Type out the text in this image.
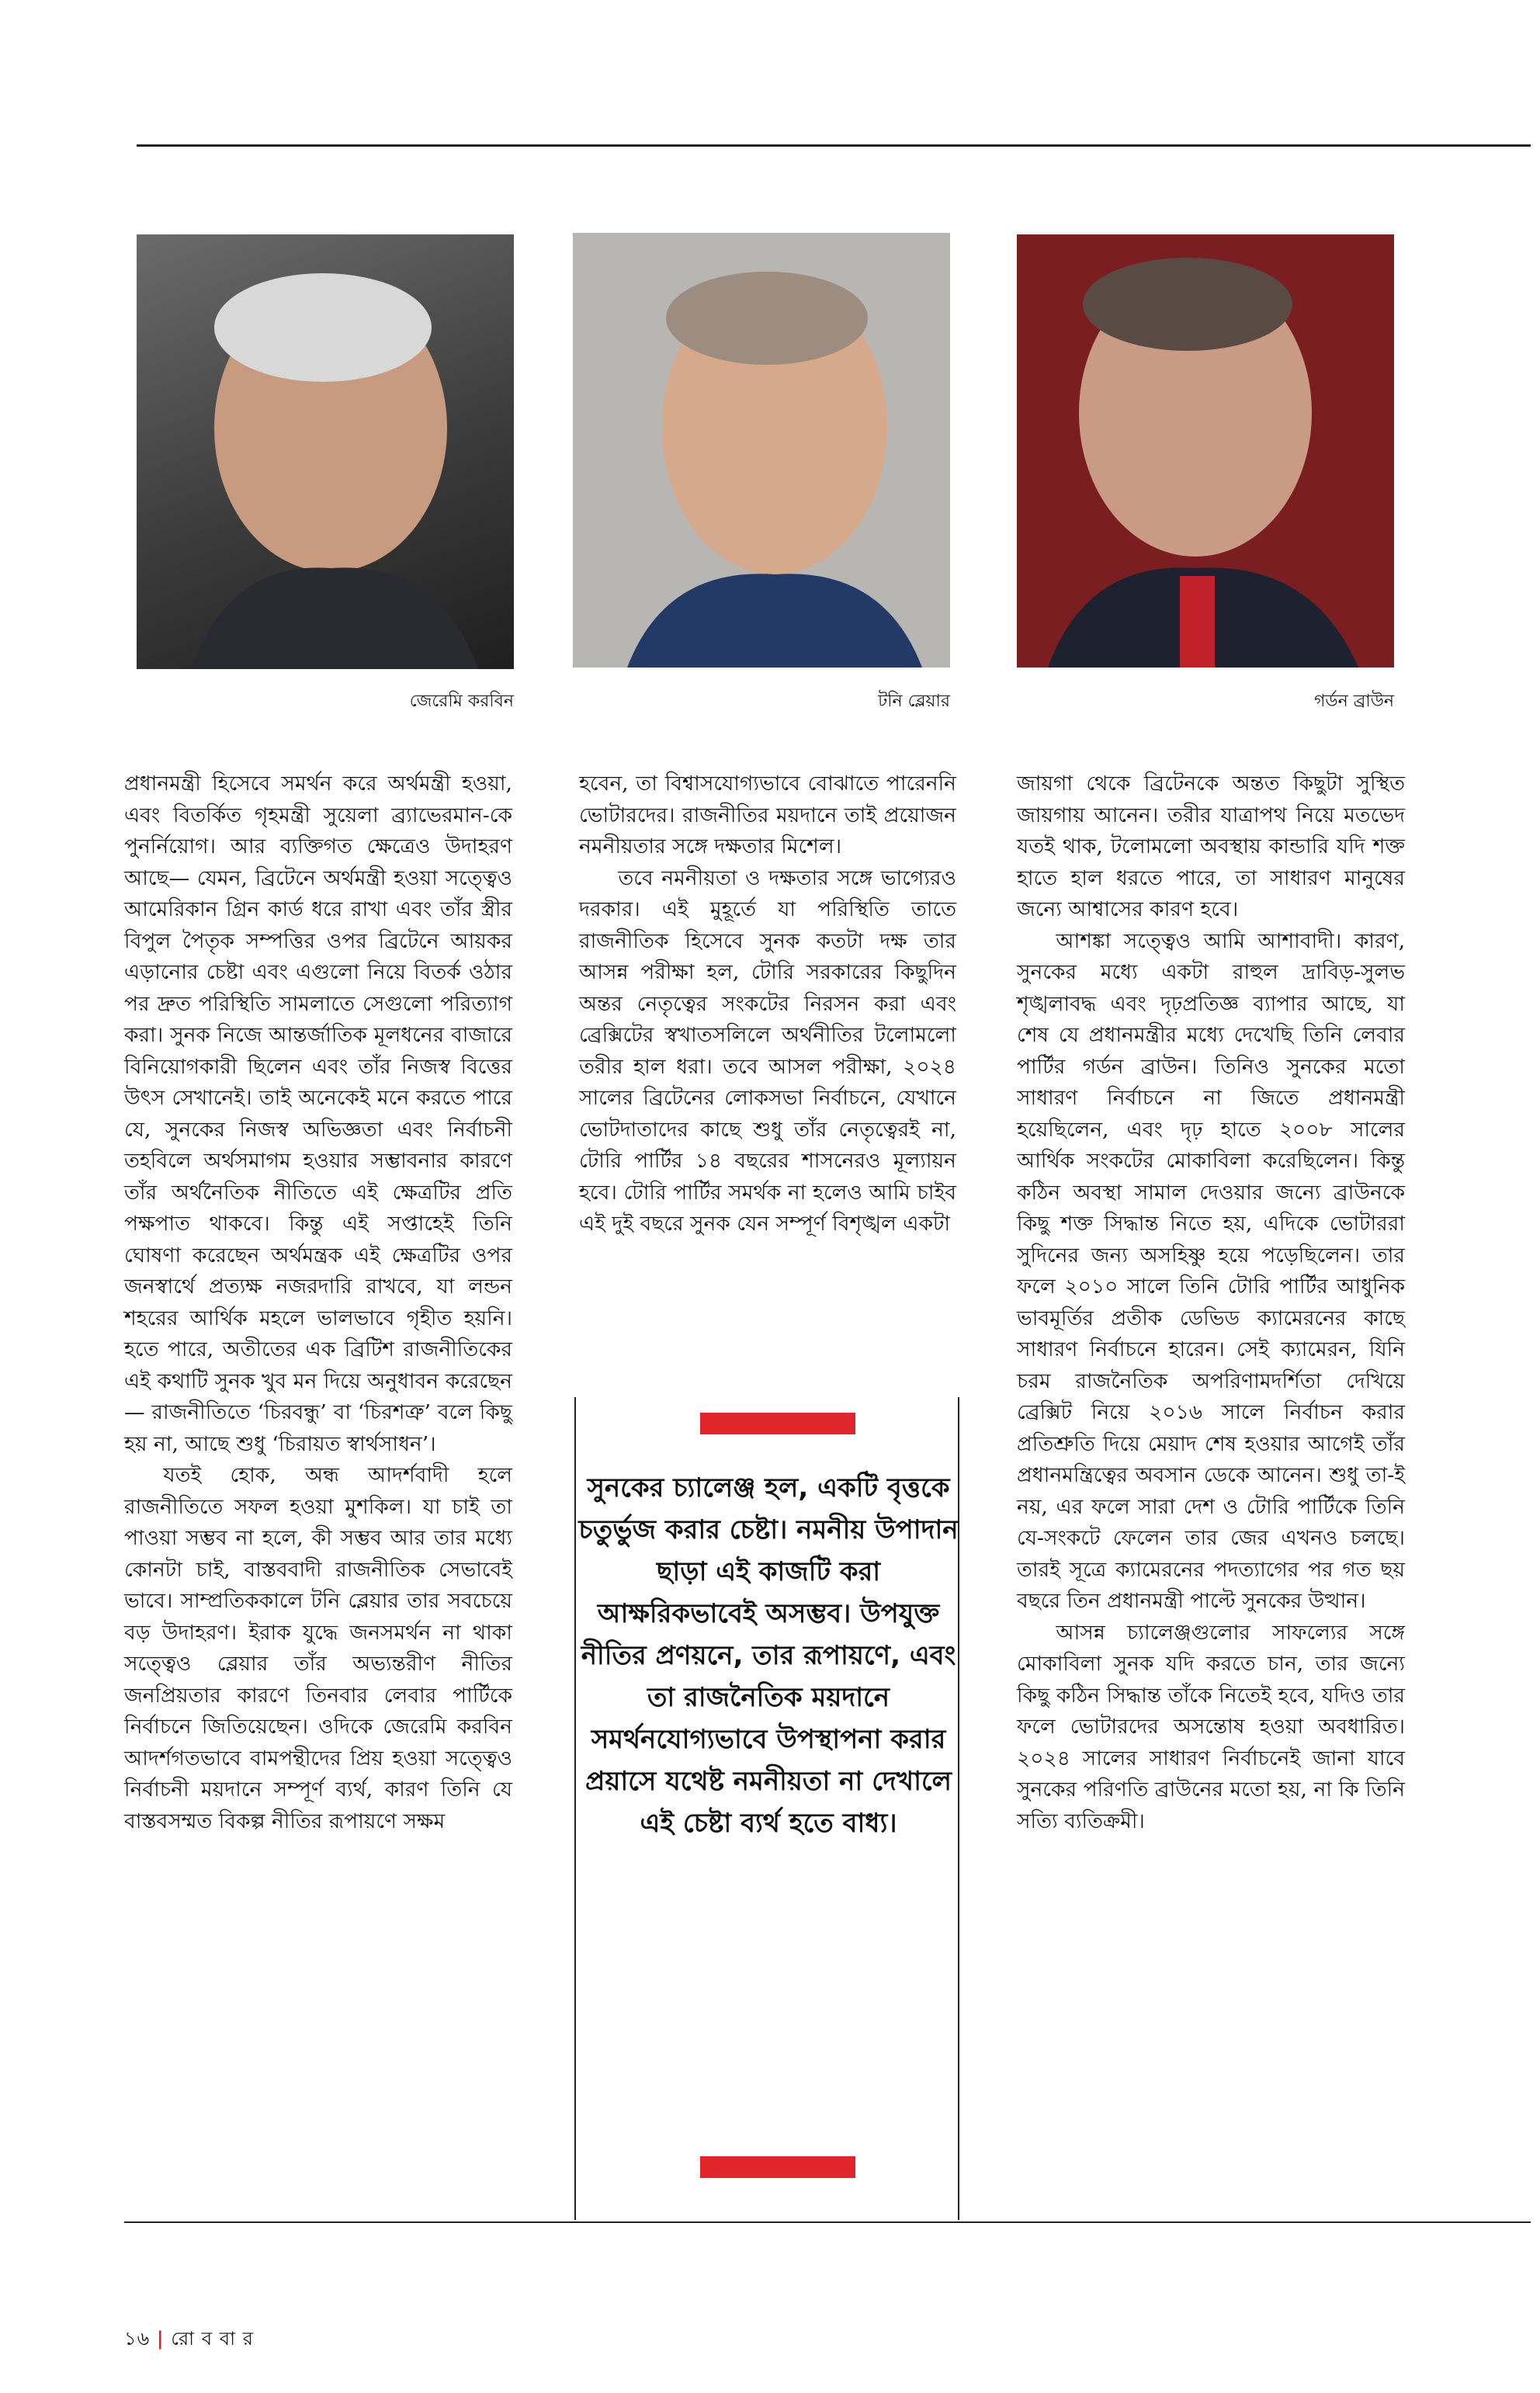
জেরেমি করবিন	টনি ব্লেয়ার	গর্ডন ব্রাউন

প্রধানমন্ত্রী হিসেবে সমর্থন করে অর্থমন্ত্রী হওয়া, এবং বিতর্কিত গৃহমন্ত্রী সুয়েলা ব্র্যাভেরমান-কে পুনর্নিয়োগ। আর ব্যক্তিগত ক্ষেত্রেও উদাহরণ আছে— যেমন, ব্রিটেনে অর্থমন্ত্রী হওয়া সত্ত্বেও আমেরিকান গ্রিন কার্ড ধরে রাখা এবং তাঁর স্ত্রীর বিপুল পৈতৃক সম্পত্তির ওপর ব্রিটেনে আয়কর এড়ানোর চেষ্টা এবং এগুলো নিয়ে বিতর্ক ওঠার পর দ্রুত পরিস্থিতি সামলাতে সেগুলো পরিত্যাগ করা। সুনক নিজে আন্তর্জাতিক মূলধনের বাজারে বিনিয়োগকারী ছিলেন এবং তাঁর নিজস্ব বিত্তের উৎস সেখানেই। তাই অনেকেই মনে করতে পারে যে, সুনকের নিজস্ব অভিজ্ঞতা এবং নির্বাচনী তহবিলে অর্থসমাগম হওয়ার সম্ভাবনার কারণে তাঁর অর্থনৈতিক নীতিতে এই ক্ষেত্রটির প্রতি পক্ষপাত থাকবে। কিন্তু এই সপ্তাহেই তিনি ঘোষণা করেছেন অর্থমন্ত্রক এই ক্ষেত্রটির ওপর জনস্বার্থে প্রত্যক্ষ নজরদারি রাখবে, যা লন্ডন শহরের আর্থিক মহলে ভালভাবে গৃহীত হয়নি। হতে পারে, অতীতের এক ব্রিটিশ রাজনীতিকের এই কথাটি সুনক খুব মন দিয়ে অনুধাবন করেছেন— রাজনীতিতে ‘চিরবন্ধু’ বা ‘চিরশত্রু’ বলে কিছু হয় না, আছে শুধু ‘চিরায়ত স্বার্থসাধন’।

যতই হোক, অন্ধ আদর্শবাদী হলে রাজনীতিতে সফল হওয়া মুশকিল। যা চাই তা পাওয়া সম্ভব না হলে, কী সম্ভব আর তার মধ্যে কোনটা চাই, বাস্তববাদী রাজনীতিক সেভাবেই ভাবে। সাম্প্রতিককালে টনি ব্লেয়ার তার সবচেয়ে বড় উদাহরণ। ইরাক যুদ্ধে জনসমর্থন না থাকা সত্ত্বেও ব্লেয়ার তাঁর অভ্যন্তরীণ নীতির জনপ্রিয়তার কারণে তিনবার লেবার পার্টিকে নির্বাচনে জিতিয়েছেন। ওদিকে জেরেমি করবিন আদর্শগতভাবে বামপন্থীদের প্রিয় হওয়া সত্ত্বেও নির্বাচনী ময়দানে সম্পূর্ণ ব্যর্থ, কারণ তিনি যে বাস্তবসম্মত বিকল্প নীতির রূপায়ণে সক্ষম

হবেন, তা বিশ্বাসযোগ্যভাবে বোঝাতে পারেননি ভোটারদের। রাজনীতির ময়দানে তাই প্রয়োজন নমনীয়তার সঙ্গে দক্ষতার মিশেল।

তবে নমনীয়তা ও দক্ষতার সঙ্গে ভাগ্যেরও দরকার। এই মুহূর্তে যা পরিস্থিতি তাতে রাজনীতিক হিসেবে সুনক কতটা দক্ষ তার আসন্ন পরীক্ষা হল, টোরি সরকারের কিছুদিন অন্তর নেতৃত্বের সংকটের নিরসন করা এবং ব্রেক্সিটের স্বখাতসলিলে অর্থনীতির টলোমলো তরীর হাল ধরা। তবে আসল পরীক্ষা, ২০২৪ সালের ব্রিটেনের লোকসভা নির্বাচনে, যেখানে ভোটদাতাদের কাছে শুধু তাঁর নেতৃত্বেরই না, টোরি পার্টির ১৪ বছরের শাসনেরও মূল্যায়ন হবে। টোরি পার্টির সমর্থক না হলেও আমি চাইব এই দুই বছরে সুনক যেন সম্পূর্ণ বিশৃঙ্খল একটা

জায়গা থেকে ব্রিটেনকে অন্তত কিছুটা সুস্থিত জায়গায় আনেন। তরীর যাত্রাপথ নিয়ে মতভেদ যতই থাক, টলোমলো অবস্থায় কান্ডারি যদি শক্ত হাতে হাল ধরতে পারে, তা সাধারণ মানুষের জন্যে আশ্বাসের কারণ হবে।

আশঙ্কা সত্ত্বেও আমি আশাবাদী। কারণ, সুনকের মধ্যে একটা রাহুল দ্রাবিড়-সুলভ শৃঙ্খলাবদ্ধ এবং দৃঢ়প্রতিজ্ঞ ব্যাপার আছে, যা শেষ যে প্রধানমন্ত্রীর মধ্যে দেখেছি তিনি লেবার পার্টির গর্ডন ব্রাউন। তিনিও সুনকের মতো সাধারণ নির্বাচনে না জিতে প্রধানমন্ত্রী হয়েছিলেন, এবং দৃঢ় হাতে ২০০৮ সালের আর্থিক সংকটের মোকাবিলা করেছিলেন। কিন্তু কঠিন অবস্থা সামাল দেওয়ার জন্যে ব্রাউনকে কিছু শক্ত সিদ্ধান্ত নিতে হয়, এদিকে ভোটাররা সুদিনের জন্য অসহিষ্ণু হয়ে পড়েছিলেন। তার ফলে ২০১০ সালে তিনি টোরি পার্টির আধুনিক ভাবমূর্তির প্রতীক ডেভিড ক্যামেরনের কাছে সাধারণ নির্বাচনে হারেন। সেই ক্যামেরন, যিনি চরম রাজনৈতিক অপরিণামদর্শিতা দেখিয়ে ব্রেক্সিট নিয়ে ২০১৬ সালে নির্বাচন করার প্রতিশ্রুতি দিয়ে মেয়াদ শেষ হওয়ার আগেই তাঁর প্রধানমন্ত্রিত্বের অবসান ডেকে আনেন। শুধু তা-ই নয়, এর ফলে সারা দেশ ও টোরি পার্টিকে তিনি যে-সংকটে ফেলেন তার জের এখনও চলছে। তারই সূত্রে ক্যামেরনের পদত্যাগের পর গত ছয় বছরে তিন প্রধানমন্ত্রী পাল্টে সুনকের উত্থান।

আসন্ন চ্যালেঞ্জগুলোর সাফল্যের সঙ্গে মোকাবিলা সুনক যদি করতে চান, তার জন্যে কিছু কঠিন সিদ্ধান্ত তাঁকে নিতেই হবে, যদিও তার ফলে ভোটারদের অসন্তোষ হওয়া অবধারিত। ২০২৪ সালের সাধারণ নির্বাচনেই জানা যাবে সুনকের পরিণতি ব্রাউনের মতো হয়, না কি তিনি সত্যি ব্যতিক্রমী।

সুনকের চ্যালেঞ্জ হল, একটি বৃত্তকে চতুর্ভুজ করার চেষ্টা। নমনীয় উপাদান ছাড়া এই কাজটি করা আক্ষরিকভাবেই অসম্ভব। উপযুক্ত নীতির প্রণয়নে, তার রূপায়ণে, এবং তা রাজনৈতিক ময়দানে সমর্থনযোগ্যভাবে উপস্থাপনা করার প্রয়াসে যথেষ্ট নমনীয়তা না দেখালে এই চেষ্টা ব্যর্থ হতে বাধ্য।

১৬ | রো ব বা র
